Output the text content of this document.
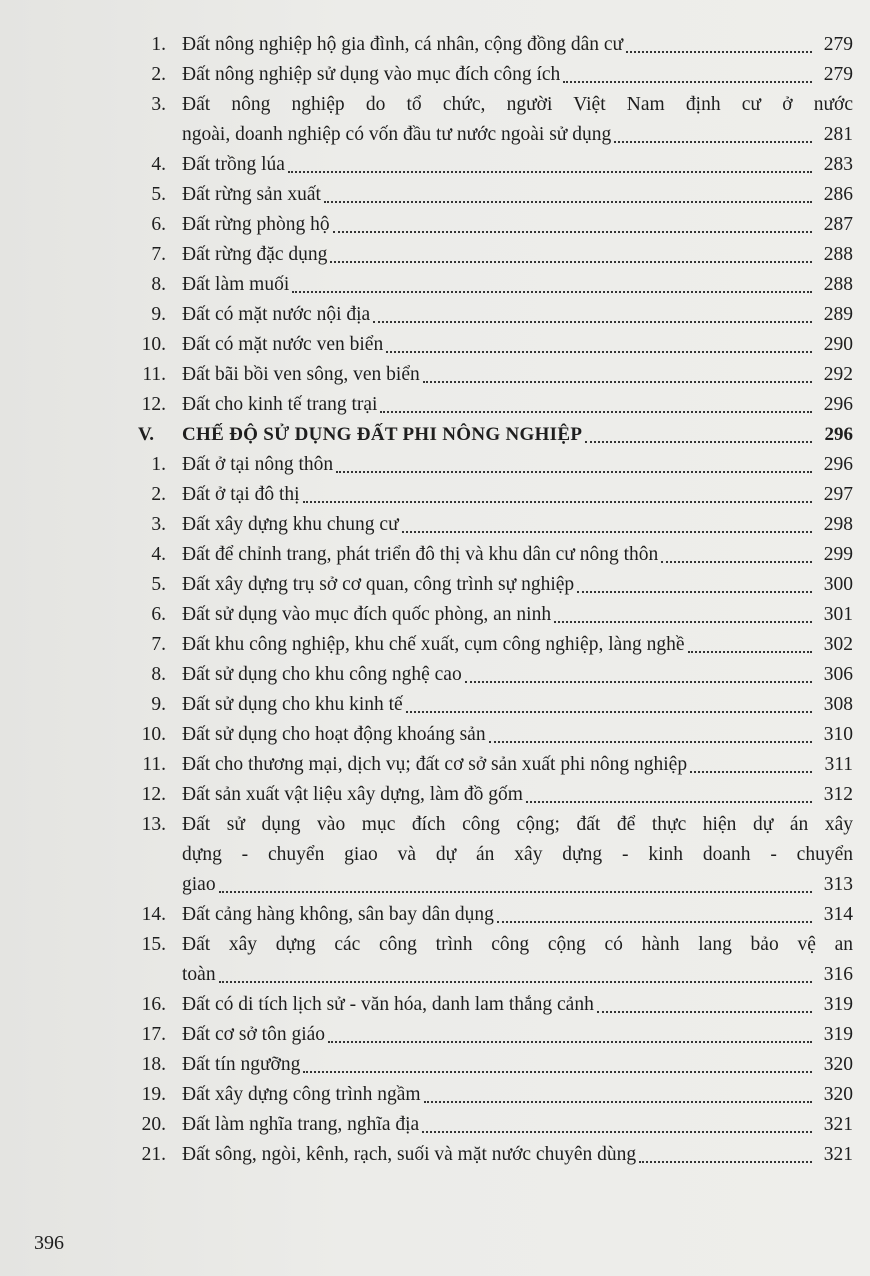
1. Đất nông nghiệp hộ gia đình, cá nhân, cộng đồng dân cư	279
2. Đất nông nghiệp sử dụng vào mục đích công ích	279
3. Đất nông nghiệp do tổ chức, người Việt Nam định cư ở nước
ngoài, doanh nghiệp có vốn đầu tư nước ngoài sử dụng	281
4. Đất trồng lúa	283
5. Đất rừng sản xuất	286
6. Đất rừng phòng hộ	287
7. Đất rừng đặc dụng	288
8. Đất làm muối	288
9. Đất có mặt nước nội địa	289
10. Đất có mặt nước ven biển	290
11. Đất bãi bồi ven sông, ven biển	292
12. Đất cho kinh tế trang trại	296
V.	CHẾ ĐỘ SỬ DỤNG ĐẤT PHI NÔNG NGHIỆP	296
1. Đất ở tại nông thôn	296
2. Đất ở tại đô thị	297
3. Đất xây dựng khu chung cư	298
4. Đất để chỉnh trang, phát triển đô thị và khu dân cư nông thôn	299
5. Đất xây dựng trụ sở cơ quan, công trình sự nghiệp	300
6. Đất sử dụng vào mục đích quốc phòng, an ninh	301
7. Đất khu công nghiệp, khu chế xuất, cụm công nghiệp, làng nghề	302
8. Đất sử dụng cho khu công nghệ cao	306
9. Đất sử dụng cho khu kinh tế	308
10. Đất sử dụng cho hoạt động khoáng sản	310
11. Đất cho thương mại, dịch vụ; đất cơ sở sản xuất phi nông nghiệp	311
12. Đất sản xuất vật liệu xây dựng, làm đồ gốm	312
13. Đất sử dụng vào mục đích công cộng; đất để thực hiện dự án xây
dựng - chuyển giao và dự án xây dựng - kinh doanh - chuyển
giao	313
14. Đất cảng hàng không, sân bay dân dụng	314
15. Đất xây dựng các công trình công cộng có hành lang bảo vệ an
toàn	316
16. Đất có di tích lịch sử - văn hóa, danh lam thắng cảnh	319
17. Đất cơ sở tôn giáo	319
18. Đất tín ngưỡng	320
19. Đất xây dựng công trình ngầm	320
20. Đất làm nghĩa trang, nghĩa địa	321
21. Đất sông, ngòi, kênh, rạch, suối và mặt nước chuyên dùng	321
396
